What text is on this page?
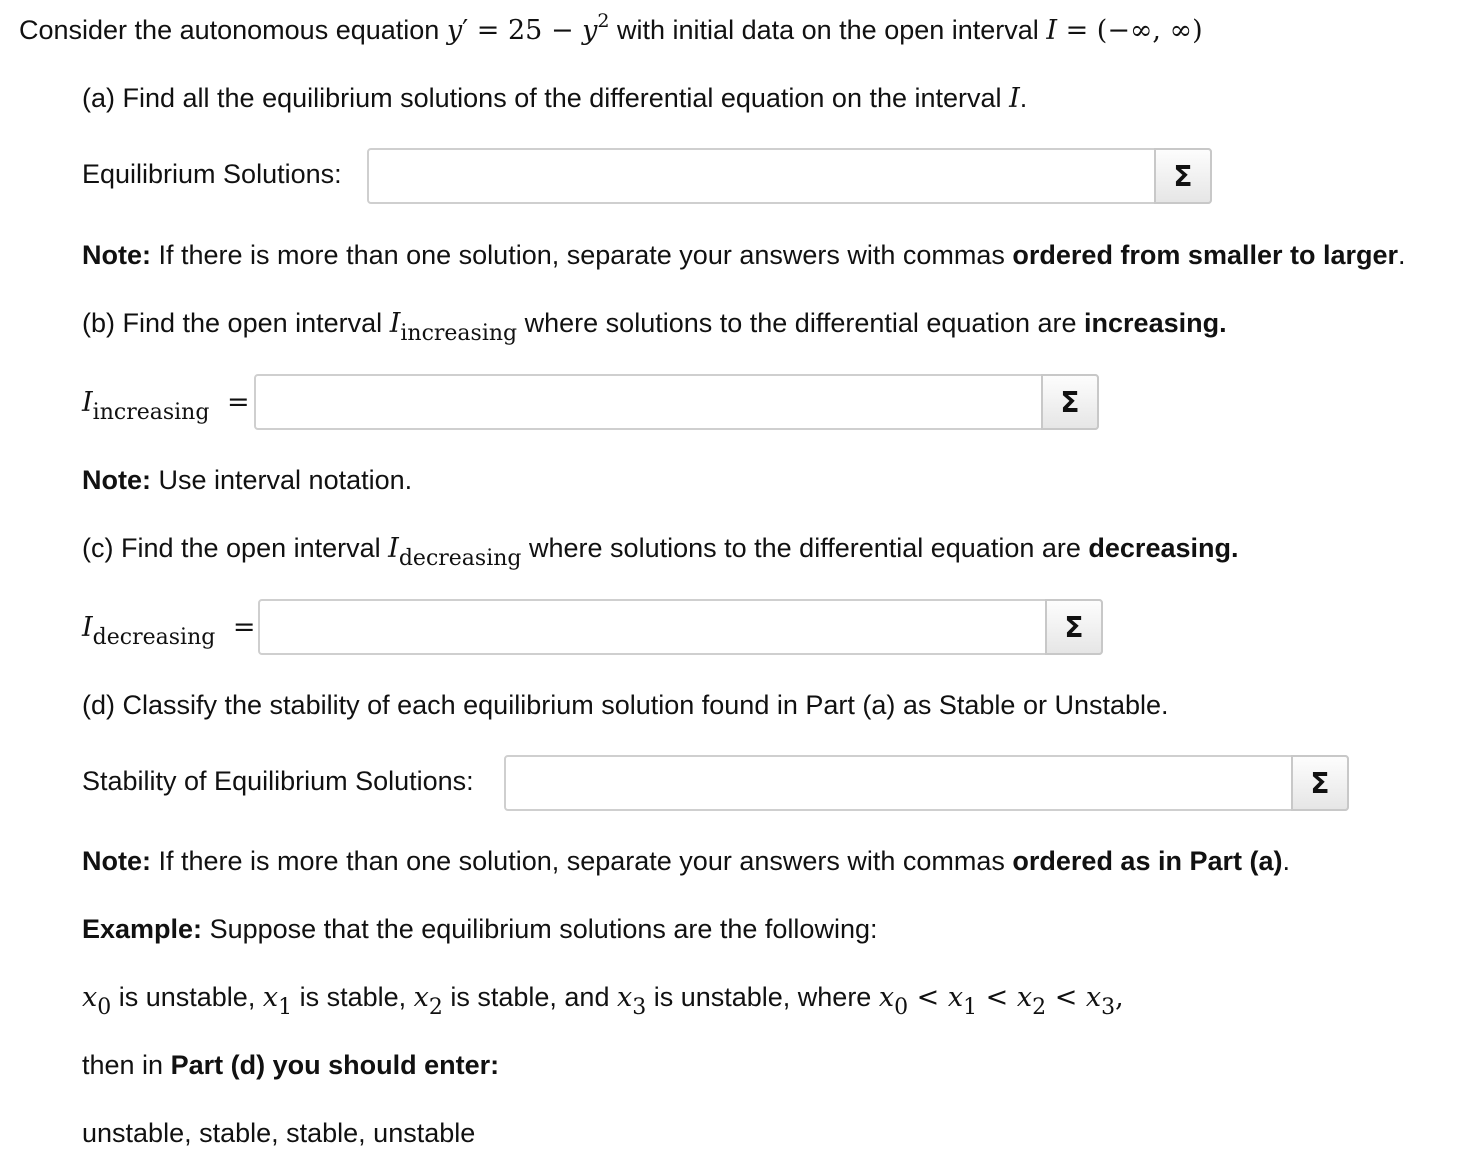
Consider the autonomous equation $y' = 25 - y^2$ with initial data on the open interval I = (−∞, ∞)
(a) Find all the equilibrium solutions of the differential equation on the interval I.
Equilibrium Solutions:	Σ
Note: If there is more than one solution, separate your answers with commas ordered from smaller to larger.
(b) Find the open interval $I_{increasing}$ where solutions to the differential equation are increasing.
$I_{increasing}$ =	Σ
Note: Use interval notation.
(c) Find the open interval $I_{decreasing}$ where solutions to the differential equation are decreasing.
$I_{decreasing}$ =	Σ
(d) Classify the stability of each equilibrium solution found in Part (a) as Stable or Unstable.
Stability of Equilibrium Solutions:	Σ
Note: If there is more than one solution, separate your answers with commas ordered as in Part (a).
Example: Suppose that the equilibrium solutions are the following:
$x_0$ is unstable, $x_1$ is stable, $x_2$ is stable, and $x_3$ is unstable, where $x_0 < x_1 < x_2 < x_3$,
then in Part (d) you should enter:
unstable, stable, stable, unstable
